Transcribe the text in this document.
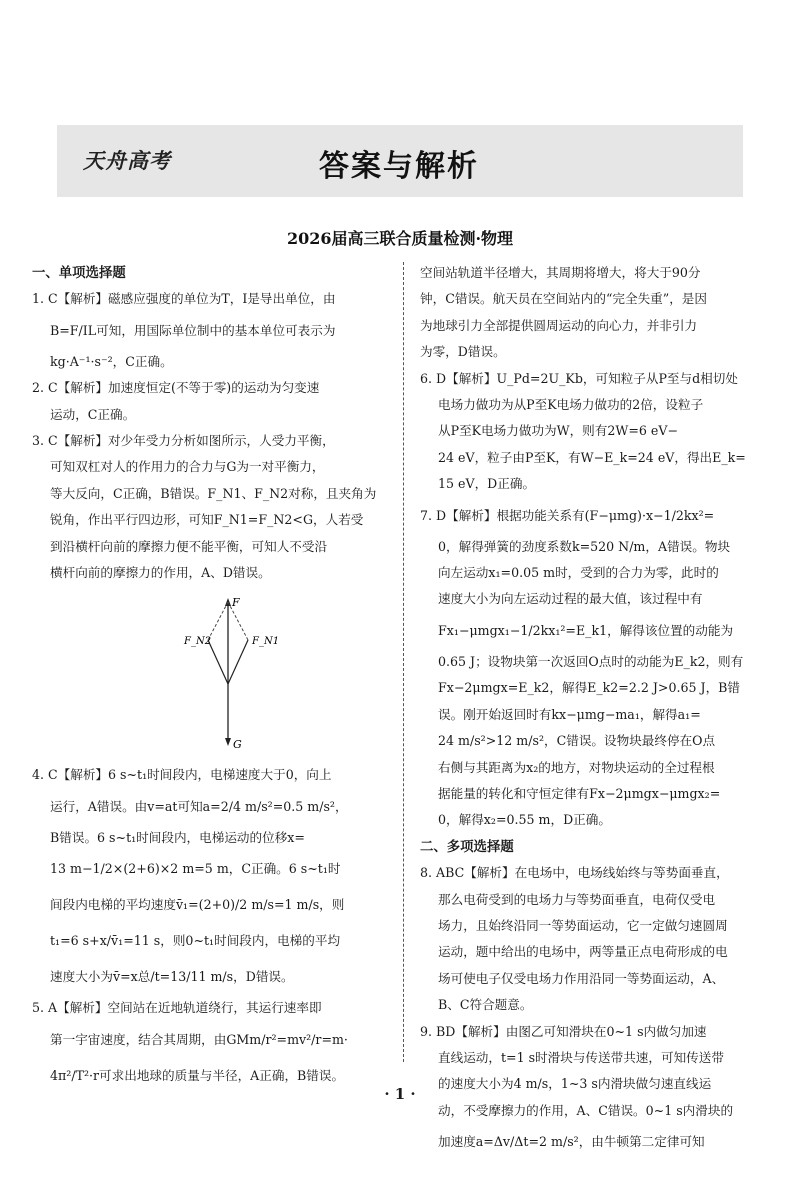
天舟高考	答案与解析
2026届高三联合质量检测·物理
一、单项选择题
1. C【解析】磁感应强度的单位为T，I是导出单位，由
B=F/IL可知，用国际单位制中的基本单位可表示为
kg·A⁻¹·s⁻²，C正确。
2. C【解析】加速度恒定(不等于零)的运动为匀变速
运动，C正确。
3. C【解析】对少年受力分析如图所示，人受力平衡，
可知双杠对人的作用力的合力与G为一对平衡力，
等大反向，C正确，B错误。F_N1、F_N2对称，且夹角为
锐角，作出平行四边形，可知F_N1=F_N2<G，人若受
到沿横杆向前的摩擦力便不能平衡，可知人不受沿
横杆向前的摩擦力的作用，A、D错误。
F
F_N2	F_N1
G
4. C【解析】6 s~t₁时间段内，电梯速度大于0，向上
运行，A错误。由v=at可知a=2/4 m/s²=0.5 m/s²，
B错误。6 s~t₁时间段内，电梯运动的位移x=
13 m−1/2×(2+6)×2 m=5 m，C正确。6 s~t₁时
间段内电梯的平均速度v̄₁=(2+0)/2 m/s=1 m/s，则
t₁=6 s+x/v̄₁=11 s，则0~t₁时间段内，电梯的平均
速度大小为v̄=x总/t=13/11 m/s，D错误。
5. A【解析】空间站在近地轨道绕行，其运行速率即
第一宇宙速度，结合其周期，由GMm/r²=mv²/r=m·
4π²/T²·r可求出地球的质量与半径，A正确，B错误。
空间站轨道半径增大，其周期将增大，将大于90分
钟，C错误。航天员在空间站内的“完全失重”，是因
为地球引力全部提供圆周运动的向心力，并非引力
为零，D错误。
6. D【解析】U_Pd=2U_Kb，可知粒子从P至与d相切处
电场力做功为从P至K电场力做功的2倍，设粒子
从P至K电场力做功为W，则有2W=6 eV−
24 eV，粒子由P至K，有W−E_k=24 eV，得出E_k=
15 eV，D正确。
7. D【解析】根据功能关系有(F−μmg)·x−1/2kx²=
0，解得弹簧的劲度系数k=520 N/m，A错误。物块
向左运动x₁=0.05 m时，受到的合力为零，此时的
速度大小为向左运动过程的最大值，该过程中有
Fx₁−μmgx₁−1/2kx₁²=E_k1，解得该位置的动能为
0.65 J；设物块第一次返回O点时的动能为E_k2，则有
Fx−2μmgx=E_k2，解得E_k2=2.2 J>0.65 J，B错
误。刚开始返回时有kx−μmg−ma₁，解得a₁=
24 m/s²>12 m/s²，C错误。设物块最终停在O点
右侧与其距离为x₂的地方，对物块运动的全过程根
据能量的转化和守恒定律有Fx−2μmgx−μmgx₂=
0，解得x₂=0.55 m，D正确。
二、多项选择题
8. ABC【解析】在电场中，电场线始终与等势面垂直，
那么电荷受到的电场力与等势面垂直，电荷仅受电
场力，且始终沿同一等势面运动，它一定做匀速圆周
运动，题中给出的电场中，两等量正点电荷形成的电
场可使电子仅受电场力作用沿同一等势面运动，A、
B、C符合题意。
9. BD【解析】由图乙可知滑块在0~1 s内做匀加速
直线运动，t=1 s时滑块与传送带共速，可知传送带
的速度大小为4 m/s，1~3 s内滑块做匀速直线运
动，不受摩擦力的作用，A、C错误。0~1 s内滑块的
加速度a=Δv/Δt=2 m/s²，由牛顿第二定律可知
· 1 ·
